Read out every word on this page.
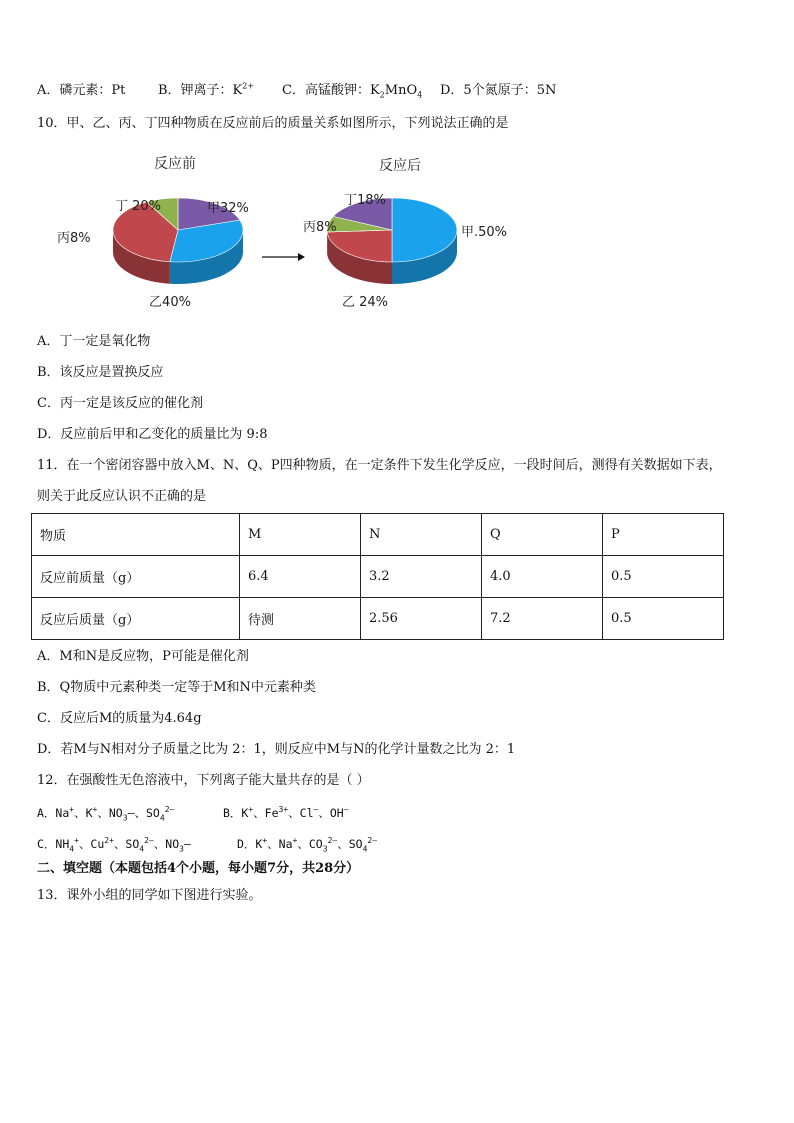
A．磷元素：Pt	B．钾离子：$K^{2+}$ C．高锰酸钾：$K_2MnO_4$ D．5个氮原子：5N
10．甲、乙、丙、丁四种物质在反应前后的质量关系如图所示，下列说法正确的是
反应前
甲32%
乙40%
丙8%
丁 20%
反应后
甲.50%
乙 24%
丙8%
丁18%
A．丁一定是氧化物
B．该反应是置换反应
C．丙一定是该反应的催化剂
D．反应前后甲和乙变化的质量比为 9:8
11．在一个密闭容器中放入M、N、Q、P四种物质，在一定条件下发生化学反应，一段时间后，测得有关数据如下表，
则关于此反应认识不正确的是
物质	M	N	Q	P
反应前质量（g）	6.4	3.2	4.0	0.5
反应后质量（g）	待测	2.56	7.2	0.5
A．M和N是反应物，P可能是催化剂
B．Q物质中元素种类一定等于M和N中元素种类
C．反应后M的质量为4.64g
D．若M与N相对分子质量之比为 2：1，则反应中M与N的化学计量数之比为 2：1
12．在强酸性无色溶液中，下列离子能大量共存的是（ ）
A．Na+、K+、$NO_3—$、$SO_4^{2—}$	B．K+、$Fe^{3+}$、Cl—、OH—
C．$NH_4^+$、$Cu^{2+}$、$SO_4^{2—}$、$NO_3—$	D．K+、Na+、$CO_3^{2—}$、$SO_4^{2—}$
二、填空题（本题包括4个小题，每小题7分，共28分）
13．课外小组的同学如下图进行实验。
